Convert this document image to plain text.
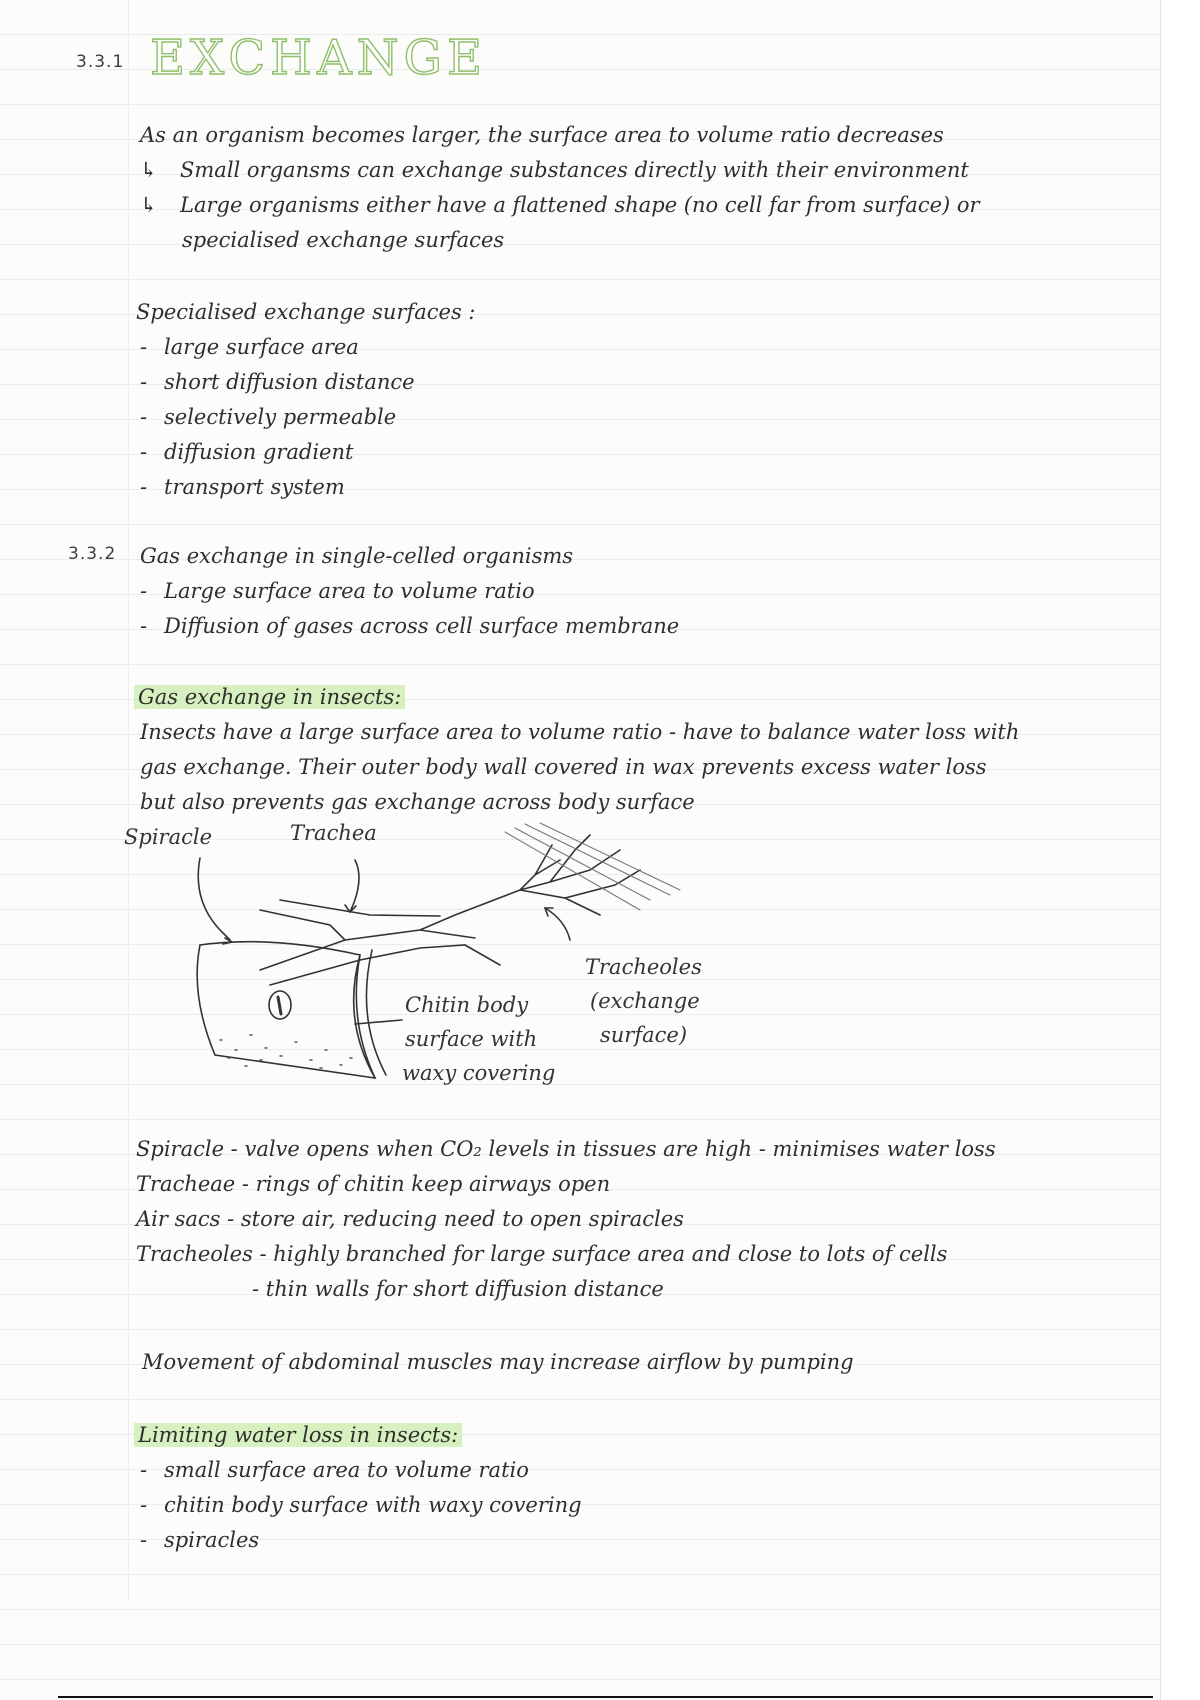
3.3.1 EXCHANGE
As an organism becomes larger, the surface area to volume ratio decreases
↳ Small organsms can exchange substances directly with their environment
↳ Large organisms either have a flattened shape (no cell far from surface) or
specialised exchange surfaces
Specialised exchange surfaces :
- large surface area
- short diffusion distance
- selectively permeable
- diffusion gradient
- transport system
3.3.2 Gas exchange in single-celled organisms
- Large surface area to volume ratio
- Diffusion of gases across cell surface membrane
Gas exchange in insects:
Insects have a large surface area to volume ratio - have to balance water loss with
gas exchange. Their outer body wall covered in wax prevents excess water loss
but also prevents gas exchange across body surface
Spiracle	Trachea
Tracheoles
(exchange
surface)
Chitin body
surface with
waxy covering
Spiracle - valve opens when CO₂ levels in tissues are high - minimises water loss
Tracheae - rings of chitin keep airways open
Air sacs - store air, reducing need to open spiracles
Tracheoles - highly branched for large surface area and close to lots of cells
- thin walls for short diffusion distance
Movement of abdominal muscles may increase airflow by pumping
Limiting water loss in insects:
- small surface area to volume ratio
- chitin body surface with waxy covering
- spiracles
